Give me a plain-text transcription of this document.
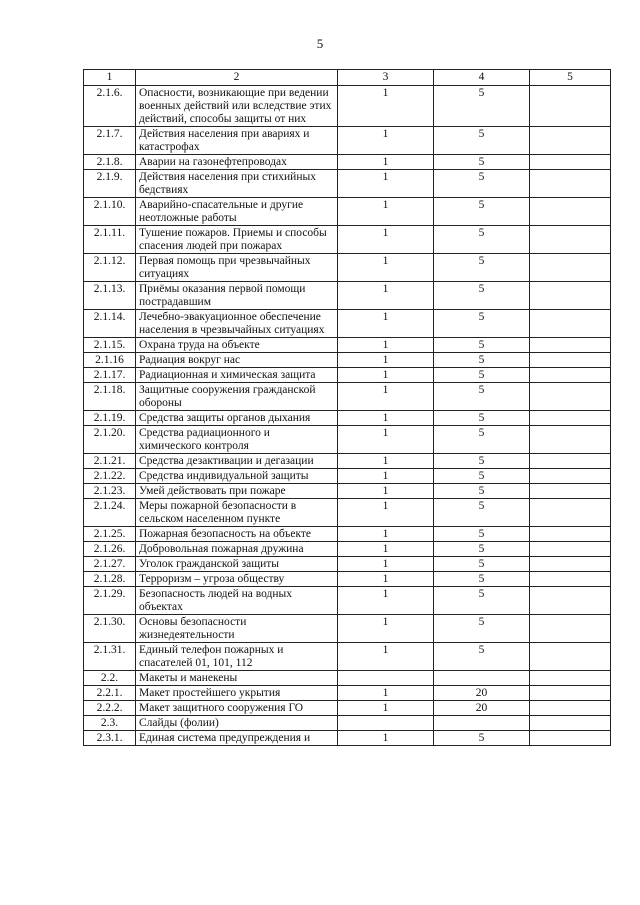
5
1	2	3	4	5
2.1.6.	Опасности, возникающие при ведении военных действий или вследствие этих действий, способы защиты от них	1	5	
2.1.7.	Действия населения при авариях и катастрофах	1	5	
2.1.8.	Аварии на газонефтепроводах	1	5	
2.1.9.	Действия населения при стихийных бедствиях	1	5	
2.1.10.	Аварийно-спасательные и другие неотложные работы	1	5	
2.1.11.	Тушение пожаров. Приемы и способы спасения людей при пожарах	1	5	
2.1.12.	Первая помощь при чрезвычайных ситуациях	1	5	
2.1.13.	Приёмы оказания первой помощи пострадавшим	1	5	
2.1.14.	Лечебно-эвакуационное обеспечение населения в чрезвычайных ситуациях	1	5	
2.1.15.	Охрана труда на объекте	1	5	
2.1.16	Радиация вокруг нас	1	5	
2.1.17.	Радиационная и химическая защита	1	5	
2.1.18.	Защитные сооружения гражданской обороны	1	5	
2.1.19.	Средства защиты органов дыхания	1	5	
2.1.20.	Средства радиационного и химического контроля	1	5	
2.1.21.	Средства дезактивации и дегазации	1	5	
2.1.22.	Средства индивидуальной защиты	1	5	
2.1.23.	Умей действовать при пожаре	1	5	
2.1.24.	Меры пожарной безопасности в сельском населенном пункте	1	5	
2.1.25.	Пожарная безопасность на объекте	1	5	
2.1.26.	Добровольная пожарная дружина	1	5	
2.1.27.	Уголок гражданской защиты	1	5	
2.1.28.	Терроризм – угроза обществу	1	5	
2.1.29.	Безопасность людей на водных объектах	1	5	
2.1.30.	Основы безопасности жизнедеятельности	1	5	
2.1.31.	Единый телефон пожарных и спасателей 01, 101, 112	1	5	
2.2.	Макеты и манекены			
2.2.1.	Макет простейшего укрытия	1	20	
2.2.2.	Макет защитного сооружения ГО	1	20	
2.3.	Слайды (фолии)			
2.3.1.	Единая система предупреждения и	1	5	
